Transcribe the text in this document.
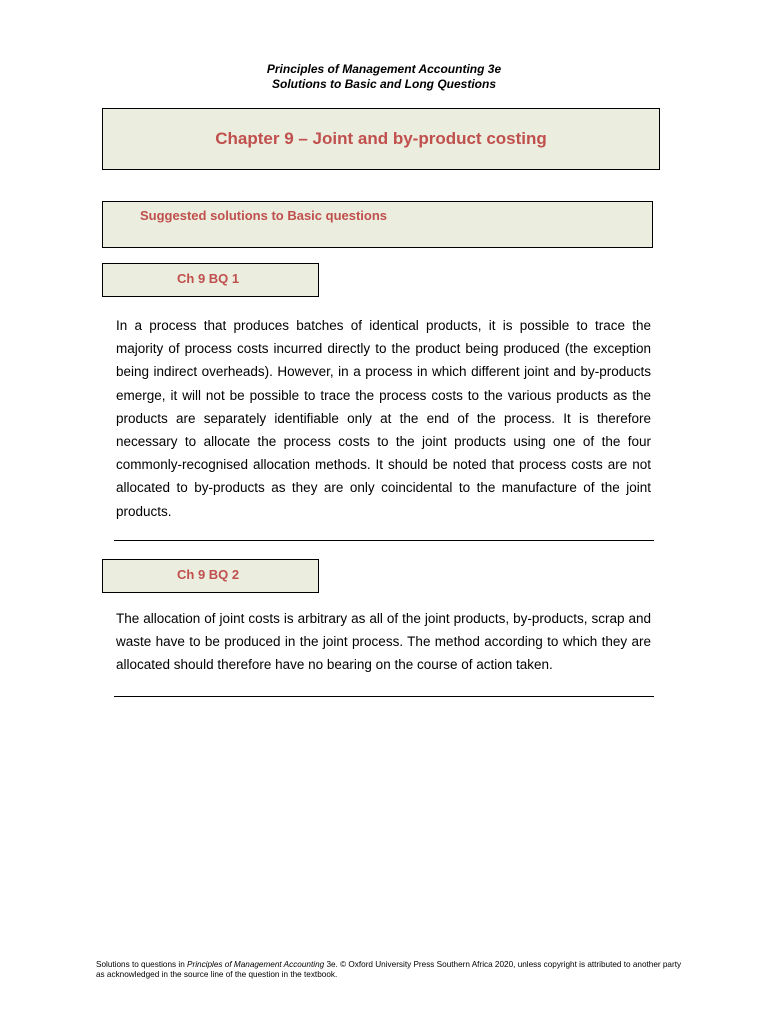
Principles of Management Accounting 3e
Solutions to Basic and Long Questions
Chapter 9 – Joint and by-product costing
Suggested solutions to Basic questions
Ch 9 BQ 1

In a process that produces batches of identical products, it is possible to trace the majority of process costs incurred directly to the product being produced (the exception being indirect overheads). However, in a process in which different joint and by-products emerge, it will not be possible to trace the process costs to the various products as the products are separately identifiable only at the end of the process. It is therefore necessary to allocate the process costs to the joint products using one of the four commonly-recognised allocation methods. It should be noted that process costs are not allocated to by-products as they are only coincidental to the manufacture of the joint products.

Ch 9 BQ 2

The allocation of joint costs is arbitrary as all of the joint products, by-products, scrap and waste have to be produced in the joint process. The method according to which they are allocated should therefore have no bearing on the course of action taken.

Solutions to questions in Principles of Management Accounting 3e. © Oxford University Press Southern Africa 2020, unless copyright is attributed to another party as acknowledged in the source line of the question in the textbook.
